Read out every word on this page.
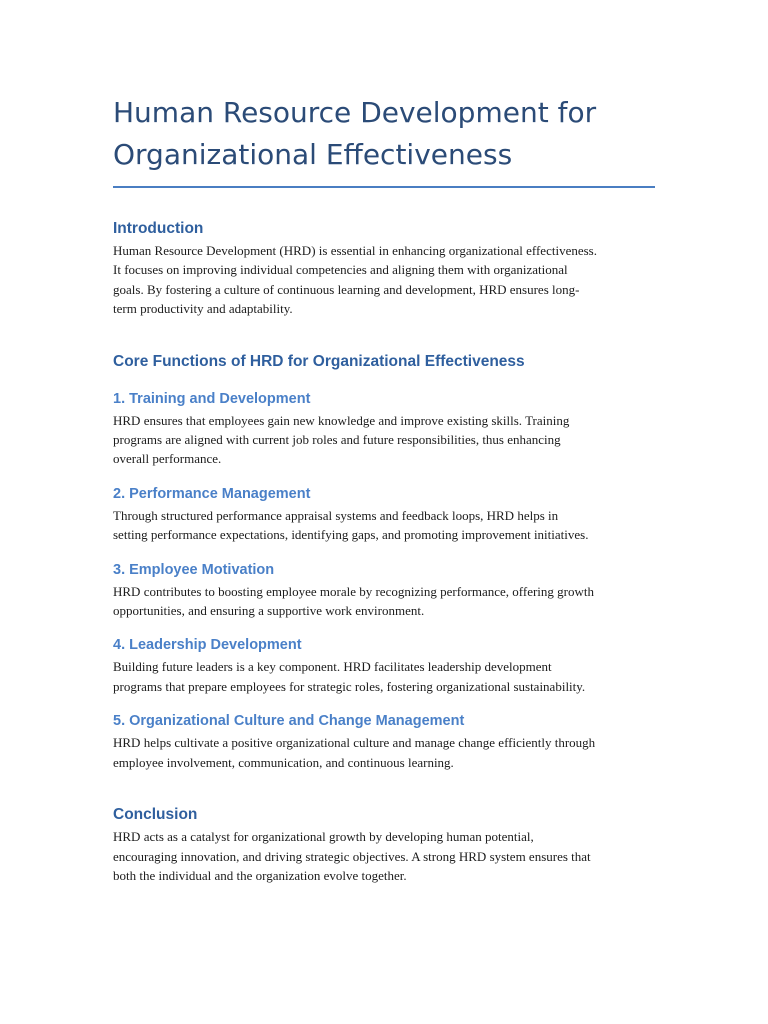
Human Resource Development for
Organizational Effectiveness
Introduction

Human Resource Development (HRD) is essential in enhancing organizational effectiveness.
It focuses on improving individual competencies and aligning them with organizational
goals. By fostering a culture of continuous learning and development, HRD ensures long-
term productivity and adaptability.

Core Functions of HRD for Organizational Effectiveness
1. Training and Development

HRD ensures that employees gain new knowledge and improve existing skills. Training
programs are aligned with current job roles and future responsibilities, thus enhancing
overall performance.

2. Performance Management

Through structured performance appraisal systems and feedback loops, HRD helps in
setting performance expectations, identifying gaps, and promoting improvement initiatives.

3. Employee Motivation

HRD contributes to boosting employee morale by recognizing performance, offering growth
opportunities, and ensuring a supportive work environment.

4. Leadership Development

Building future leaders is a key component. HRD facilitates leadership development
programs that prepare employees for strategic roles, fostering organizational sustainability.

5. Organizational Culture and Change Management

HRD helps cultivate a positive organizational culture and manage change efficiently through
employee involvement, communication, and continuous learning.

Conclusion

HRD acts as a catalyst for organizational growth by developing human potential,
encouraging innovation, and driving strategic objectives. A strong HRD system ensures that
both the individual and the organization evolve together.
